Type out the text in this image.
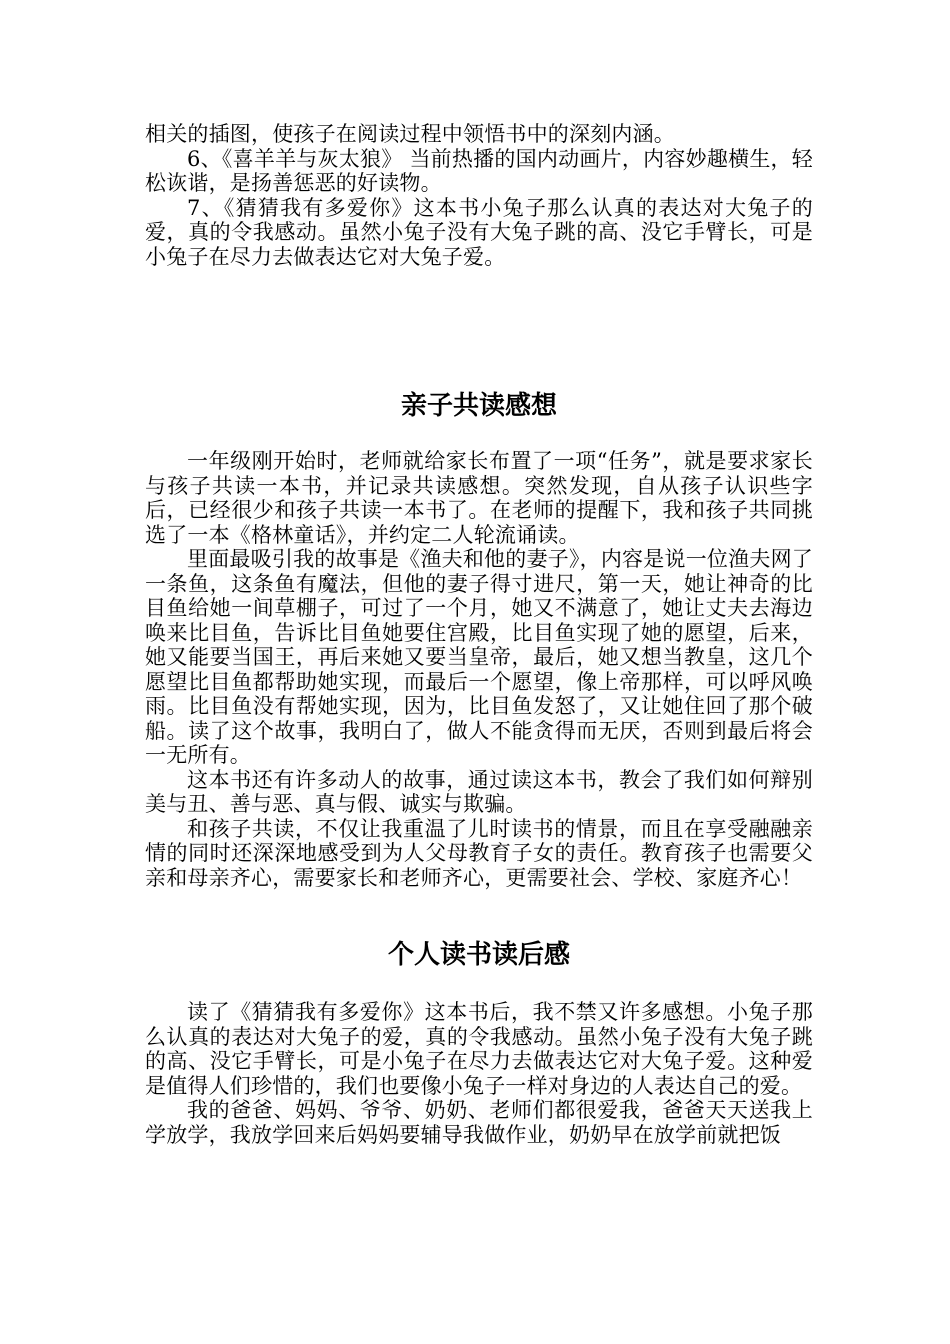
相关的插图，使孩子在阅读过程中领悟书中的深刻内涵。

6、《喜羊羊与灰太狼》 当前热播的国内动画片，内容妙趣横生，轻松诙谐，是扬善惩恶的好读物。

7、《猜猜我有多爱你》这本书小兔子那么认真的表达对大兔子的爱，真的令我感动。虽然小兔子没有大兔子跳的高、没它手臂长，可是小兔子在尽力去做表达它对大兔子爱。

亲子共读感想

一年级刚开始时，老师就给家长布置了一项“任务”，就是要求家长与孩子共读一本书，并记录共读感想。突然发现，自从孩子认识些字后，已经很少和孩子共读一本书了。在老师的提醒下，我和孩子共同挑选了一本《格林童话》，并约定二人轮流诵读。

里面最吸引我的故事是《渔夫和他的妻子》，内容是说一位渔夫网了一条鱼，这条鱼有魔法，但他的妻子得寸进尺，第一天，她让神奇的比目鱼给她一间草棚子，可过了一个月，她又不满意了，她让丈夫去海边唤来比目鱼，告诉比目鱼她要住宫殿，比目鱼实现了她的愿望，后来，她又能要当国王，再后来她又要当皇帝，最后，她又想当教皇，这几个愿望比目鱼都帮助她实现，而最后一个愿望，像上帝那样，可以呼风唤雨。比目鱼没有帮她实现，因为，比目鱼发怒了，又让她住回了那个破船。读了这个故事，我明白了，做人不能贪得而无厌，否则到最后将会一无所有。

这本书还有许多动人的故事，通过读这本书，教会了我们如何辩别美与丑、善与恶、真与假、诚实与欺骗。

和孩子共读，不仅让我重温了儿时读书的情景，而且在享受融融亲情的同时还深深地感受到为人父母教育子女的责任。教育孩子也需要父亲和母亲齐心，需要家长和老师齐心，更需要社会、学校、家庭齐心！

个人读书读后感

读了《猜猜我有多爱你》这本书后，我不禁又许多感想。小兔子那么认真的表达对大兔子的爱，真的令我感动。虽然小兔子没有大兔子跳的高、没它手臂长，可是小兔子在尽力去做表达它对大兔子爱。这种爱是值得人们珍惜的，我们也要像小兔子一样对身边的人表达自己的爱。

我的爸爸、妈妈、爷爷、奶奶、老师们都很爱我，爸爸天天送我上学放学，我放学回来后妈妈要辅导我做作业，奶奶早在放学前就把饭
